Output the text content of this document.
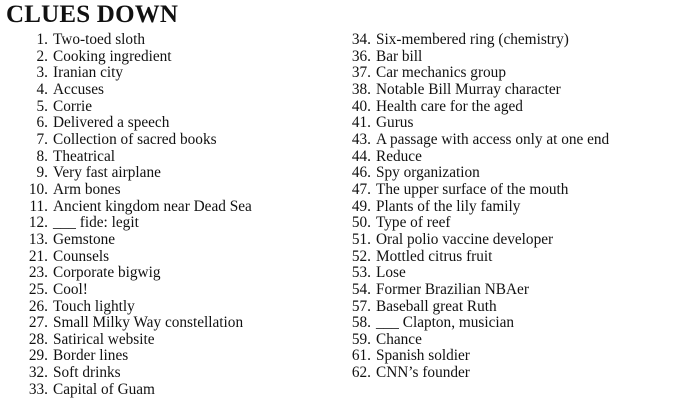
CLUES DOWN
1. Two-toed sloth
2. Cooking ingredient
3. Iranian city
4. Accuses
5. Corrie
6. Delivered a speech
7. Collection of sacred books
8. Theatrical
9. Very fast airplane
10. Arm bones
11. Ancient kingdom near Dead Sea
12. ___ fide: legit
13. Gemstone
21. Counsels
23. Corporate bigwig
25. Cool!
26. Touch lightly
27. Small Milky Way constellation
28. Satirical website
29. Border lines
32. Soft drinks
33. Capital of Guam
34. Six-membered ring (chemistry)
36. Bar bill
37. Car mechanics group
38. Notable Bill Murray character
40. Health care for the aged
41. Gurus
43. A passage with access only at one end
44. Reduce
46. Spy organization
47. The upper surface of the mouth
49. Plants of the lily family
50. Type of reef
51. Oral polio vaccine developer
52. Mottled citrus fruit
53. Lose
54. Former Brazilian NBAer
57. Baseball great Ruth
58. ___ Clapton, musician
59. Chance
61. Spanish soldier
62. CNN’s founder
